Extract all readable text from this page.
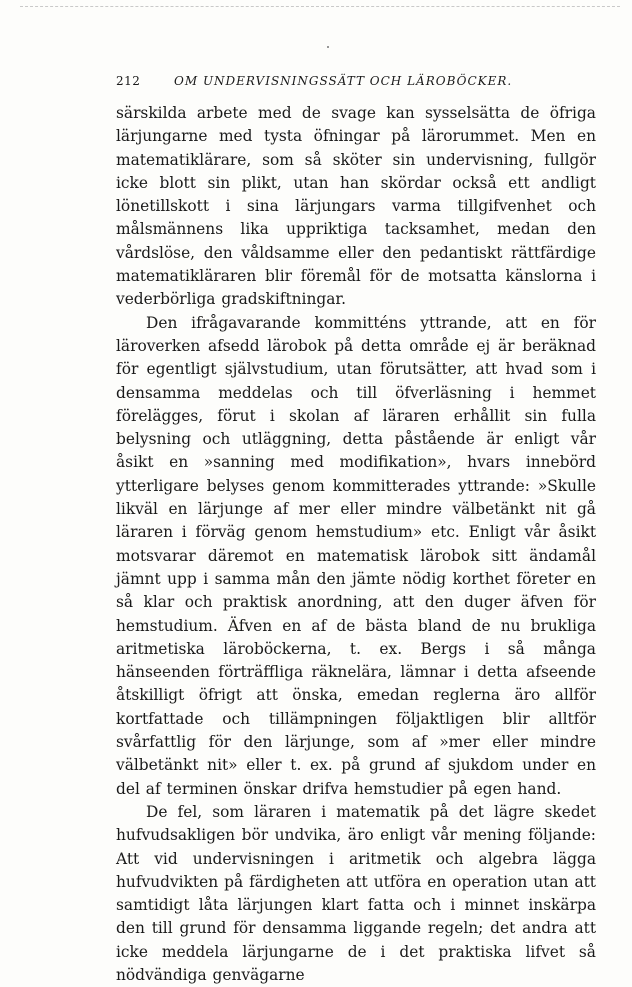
212	OM UNDERVISNINGSSÄTT OCH LÄROBÖCKER.

särskilda arbete med de svage kan sysselsätta de öfriga lärjungarne med tysta öfningar på lärorummet. Men en matematiklärare, som så sköter sin undervisning, fullgör icke blott sin plikt, utan han skördar också ett andligt lönetillskott i sina lärjungars varma tillgifvenhet och målsmännens lika uppriktiga tacksamhet, medan den vårdslöse, den våldsamme eller den pedantiskt rättfärdige matematikläraren blir föremål för de motsatta känslorna i vederbörliga gradskiftningar.

Den ifrågavarande kommitténs yttrande, att en för läroverken afsedd lärobok på detta område ej är beräknad för egentligt självstudium, utan förutsätter, att hvad som i densamma meddelas och till öfverläsning i hemmet förelägges, förut i skolan af läraren erhållit sin fulla belysning och utläggning, detta påstående är enligt vår åsikt en »sanning med modifikation», hvars innebörd ytterligare belyses genom kommitterades yttrande: »Skulle likväl en lärjunge af mer eller mindre välbetänkt nit gå läraren i förväg genom hemstudium» etc. Enligt vår åsikt motsvarar däremot en matematisk lärobok sitt ändamål jämnt upp i samma mån den jämte nödig korthet företer en så klar och praktisk anordning, att den duger äfven för hemstudium. Äfven en af de bästa bland de nu brukliga aritmetiska läroböckerna, t. ex. Bergs i så många hänseenden förträffliga räknelära, lämnar i detta afseende åtskilligt öfrigt att önska, emedan reglerna äro allför kortfattade och tillämpningen följaktligen blir alltför svårfattlig för den lärjunge, som af »mer eller mindre välbetänkt nit» eller t. ex. på grund af sjukdom under en del af terminen önskar drifva hemstudier på egen hand.

De fel, som läraren i matematik på det lägre skedet hufvudsakligen bör undvika, äro enligt vår mening följande: Att vid undervisningen i aritmetik och algebra lägga hufvudvikten på färdigheten att utföra en operation utan att samtidigt låta lärjungen klart fatta och i minnet inskärpa den till grund för densamma liggande regeln; det andra att icke meddela lärjungarne de i det praktiska lifvet så nödvändiga genvägarne
